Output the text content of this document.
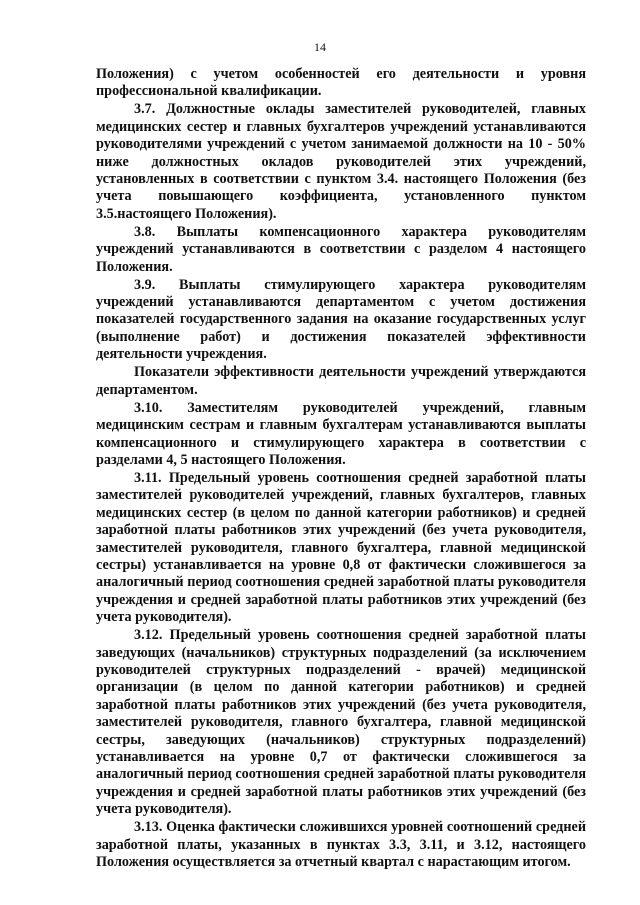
14

Положения) с учетом особенностей его деятельности и уровня профессиональной квалификации.

3.7. Должностные оклады заместителей руководителей, главных медицинских сестер и главных бухгалтеров учреждений устанавливаются руководителями учреждений с учетом занимаемой должности на 10 - 50% ниже должностных окладов руководителей этих учреждений, установленных в соответствии с пунктом 3.4. настоящего Положения (без учета повышающего коэффициента, установленного пунктом 3.5.настоящего Положения).

3.8. Выплаты компенсационного характера руководителям учреждений устанавливаются в соответствии с разделом 4 настоящего Положения.

3.9. Выплаты стимулирующего характера руководителям учреждений устанавливаются департаментом с учетом достижения показателей государственного задания на оказание государственных услуг (выполнение работ) и достижения показателей эффективности деятельности учреждения.

Показатели эффективности деятельности учреждений утверждаются департаментом.

3.10. Заместителям руководителей учреждений, главным медицинским сестрам и главным бухгалтерам устанавливаются выплаты компенсационного и стимулирующего характера в соответствии с разделами 4, 5 настоящего Положения.

3.11. Предельный уровень соотношения средней заработной платы заместителей руководителей учреждений, главных бухгалтеров, главных медицинских сестер (в целом по данной категории работников) и средней заработной платы работников этих учреждений (без учета руководителя, заместителей руководителя, главного бухгалтера, главной медицинской сестры) устанавливается на уровне 0,8 от фактически сложившегося за аналогичный период соотношения средней заработной платы руководителя учреждения и средней заработной платы работников этих учреждений (без учета руководителя).

3.12. Предельный уровень соотношения средней заработной платы заведующих (начальников) структурных подразделений (за исключением руководителей структурных подразделений - врачей) медицинской организации (в целом по данной категории работников) и средней заработной платы работников этих учреждений (без учета руководителя, заместителей руководителя, главного бухгалтера, главной медицинской сестры, заведующих (начальников) структурных подразделений) устанавливается на уровне 0,7 от фактически сложившегося за аналогичный период соотношения средней заработной платы руководителя учреждения и средней заработной платы работников этих учреждений (без учета руководителя).

3.13. Оценка фактически сложившихся уровней соотношений средней заработной платы, указанных в пунктах 3.3, 3.11, и 3.12, настоящего Положения осуществляется за отчетный квартал с нарастающим итогом.
